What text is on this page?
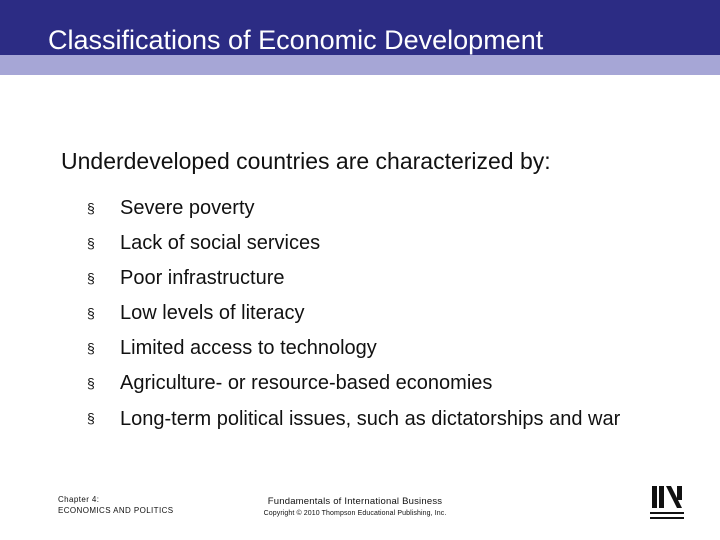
Classifications of Economic Development
Underdeveloped countries are characterized by:
§ Severe poverty
§ Lack of social services
§ Poor infrastructure
§ Low levels of literacy
§ Limited access to technology
§ Agriculture- or resource-based economies
§ Long-term political issues, such as dictatorships and war
Chapter 4:
ECONOMICS AND POLITICS
Fundamentals of International Business
Copyright © 2010 Thompson Educational Publishing, Inc.
